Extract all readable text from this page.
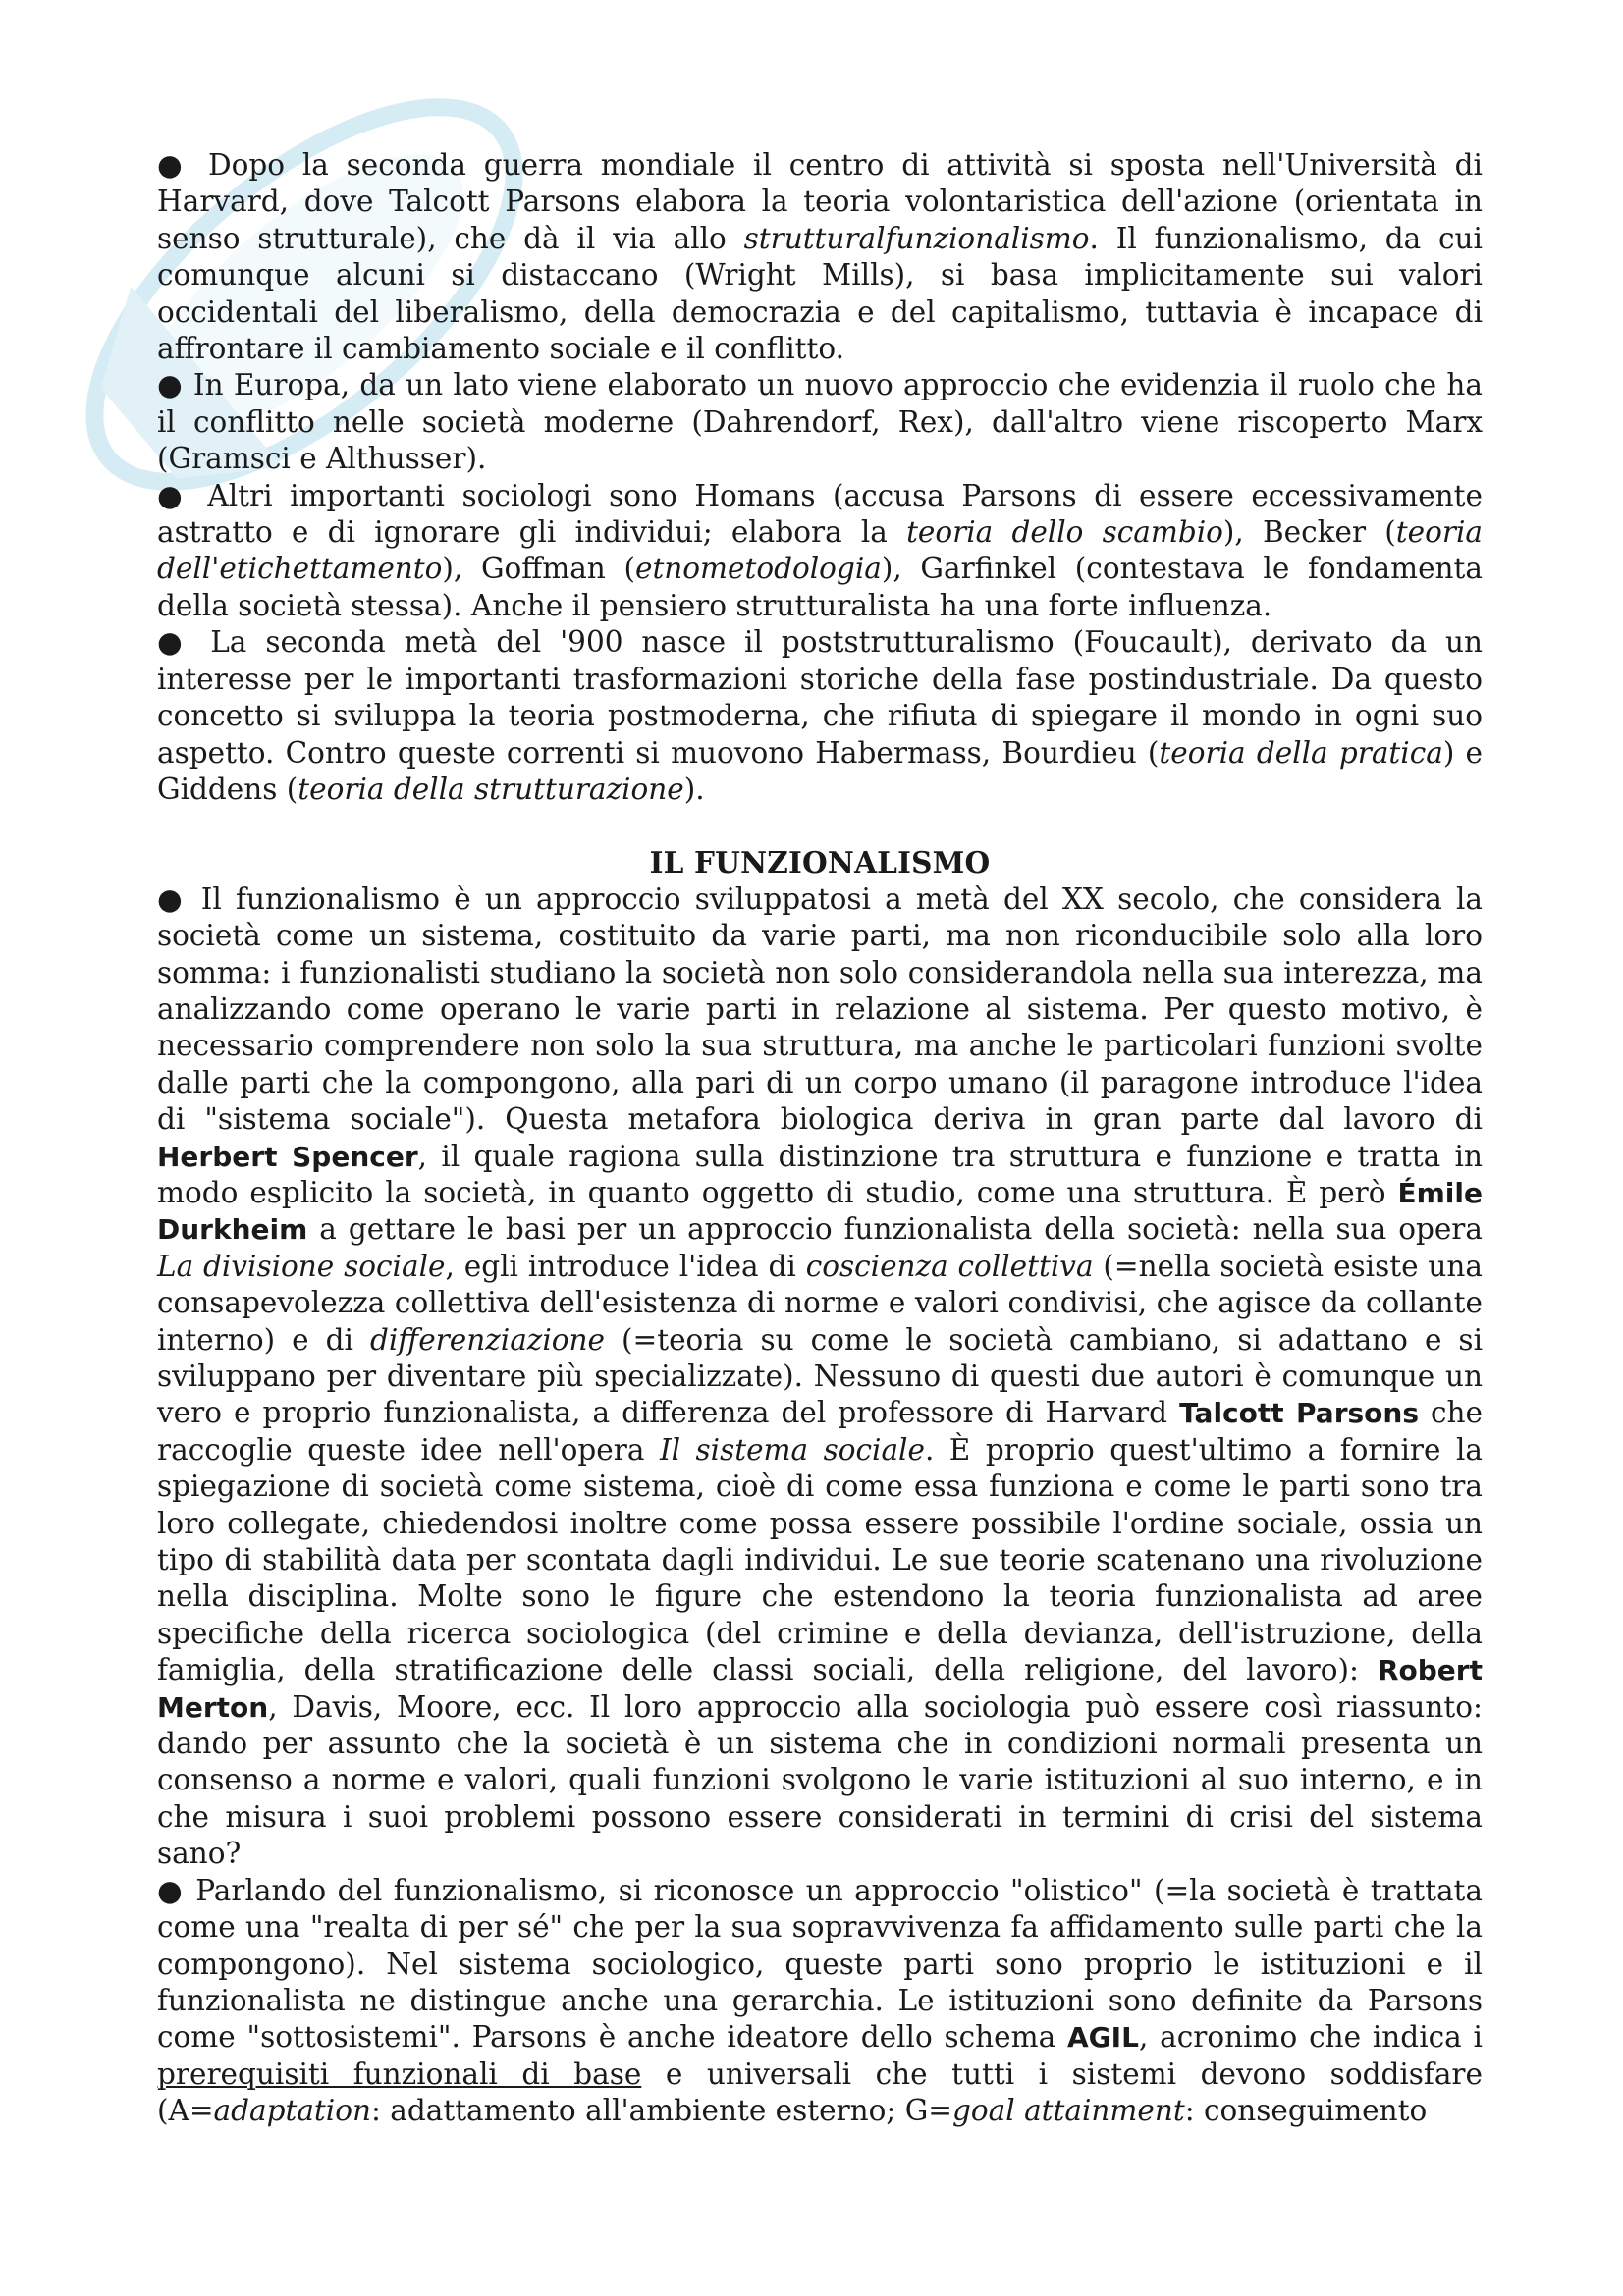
● Dopo la seconda guerra mondiale il centro di attività si sposta nell'Università di Harvard, dove Talcott Parsons elabora la teoria volontaristica dell'azione (orientata in senso strutturale), che dà il via allo strutturalfunzionalismo. Il funzionalismo, da cui comunque alcuni si distaccano (Wright Mills), si basa implicitamente sui valori occidentali del liberalismo, della democrazia e del capitalismo, tuttavia è incapace di affrontare il cambiamento sociale e il conflitto.

● In Europa, da un lato viene elaborato un nuovo approccio che evidenzia il ruolo che ha il conflitto nelle società moderne (Dahrendorf, Rex), dall'altro viene riscoperto Marx (Gramsci e Althusser).

● Altri importanti sociologi sono Homans (accusa Parsons di essere eccessivamente astratto e di ignorare gli individui; elabora la teoria dello scambio), Becker (teoria dell'etichettamento), Goffman (etnometodologia), Garfinkel (contestava le fondamenta della società stessa). Anche il pensiero strutturalista ha una forte influenza.

● La seconda metà del '900 nasce il poststrutturalismo (Foucault), derivato da un interesse per le importanti trasformazioni storiche della fase postindustriale. Da questo concetto si sviluppa la teoria postmoderna, che rifiuta di spiegare il mondo in ogni suo aspetto. Contro queste correnti si muovono Habermass, Bourdieu (teoria della pratica) e Giddens (teoria della strutturazione).

IL FUNZIONALISMO

● Il funzionalismo è un approccio sviluppatosi a metà del XX secolo, che considera la società come un sistema, costituito da varie parti, ma non riconducibile solo alla loro somma: i funzionalisti studiano la società non solo considerandola nella sua interezza, ma analizzando come operano le varie parti in relazione al sistema. Per questo motivo, è necessario comprendere non solo la sua struttura, ma anche le particolari funzioni svolte dalle parti che la compongono, alla pari di un corpo umano (il paragone introduce l'idea di "sistema sociale"). Questa metafora biologica deriva in gran parte dal lavoro di Herbert Spencer, il quale ragiona sulla distinzione tra struttura e funzione e tratta in modo esplicito la società, in quanto oggetto di studio, come una struttura. È però Émile Durkheim a gettare le basi per un approccio funzionalista della società: nella sua opera La divisione sociale, egli introduce l'idea di coscienza collettiva (=nella società esiste una consapevolezza collettiva dell'esistenza di norme e valori condivisi, che agisce da collante interno) e di differenziazione (=teoria su come le società cambiano, si adattano e si sviluppano per diventare più specializzate). Nessuno di questi due autori è comunque un vero e proprio funzionalista, a differenza del professore di Harvard Talcott Parsons che raccoglie queste idee nell'opera Il sistema sociale. È proprio quest'ultimo a fornire la spiegazione di società come sistema, cioè di come essa funziona e come le parti sono tra loro collegate, chiedendosi inoltre come possa essere possibile l'ordine sociale, ossia un tipo di stabilità data per scontata dagli individui. Le sue teorie scatenano una rivoluzione nella disciplina. Molte sono le figure che estendono la teoria funzionalista ad aree specifiche della ricerca sociologica (del crimine e della devianza, dell'istruzione, della famiglia, della stratificazione delle classi sociali, della religione, del lavoro): Robert Merton, Davis, Moore, ecc. Il loro approccio alla sociologia può essere così riassunto: dando per assunto che la società è un sistema che in condizioni normali presenta un consenso a norme e valori, quali funzioni svolgono le varie istituzioni al suo interno, e in che misura i suoi problemi possono essere considerati in termini di crisi del sistema sano?

● Parlando del funzionalismo, si riconosce un approccio "olistico" (=la società è trattata come una "realta di per sé" che per la sua sopravvivenza fa affidamento sulle parti che la compongono). Nel sistema sociologico, queste parti sono proprio le istituzioni e il funzionalista ne distingue anche una gerarchia. Le istituzioni sono definite da Parsons come "sottosistemi". Parsons è anche ideatore dello schema AGIL, acronimo che indica i prerequisiti funzionali di base e universali che tutti i sistemi devono soddisfare (A=adaptation: adattamento all'ambiente esterno; G=goal attainment: conseguimento
